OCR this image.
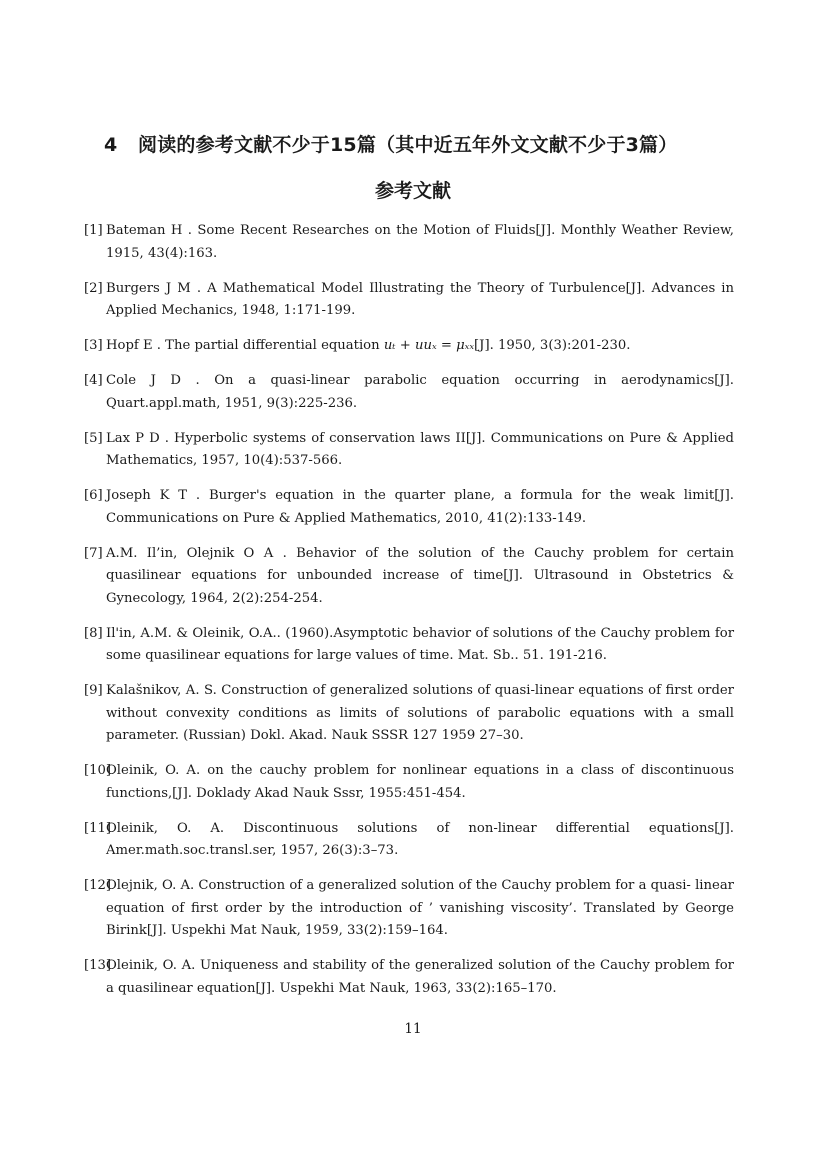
4 阅读的参考文献不少于15篇（其中近五年外文文献不少于3篇）
参考文献
[1] Bateman H . Some Recent Researches on the Motion of Fluids[J]. Monthly Weather Review, 1915, 43(4):163.
[2] Burgers J M . A Mathematical Model Illustrating the Theory of Turbulence[J]. Advances in Applied Mechanics, 1948, 1:171-199.
[3] Hopf E . The partial differential equation uₜ + uuₓ = μₓₓ[J]. 1950, 3(3):201-230.
[4] Cole J D . On a quasi-linear parabolic equation occurring in aerodynamics[J]. Quart.appl.math, 1951, 9(3):225-236.
[5] Lax P D . Hyperbolic systems of conservation laws II[J]. Communications on Pure & Applied Mathematics, 1957, 10(4):537-566.
[6] Joseph K T . Burger's equation in the quarter plane, a formula for the weak limit[J]. Communications on Pure & Applied Mathematics, 2010, 41(2):133-149.
[7] A.M. Il’in, Olejnik O A . Behavior of the solution of the Cauchy problem for certain quasilinear equations for unbounded increase of time[J]. Ultrasound in Obstetrics & Gynecology, 1964, 2(2):254-254.
[8] Il'in, A.M. & Oleinik, O.A.. (1960).Asymptotic behavior of solutions of the Cauchy problem for some quasilinear equations for large values of time. Mat. Sb.. 51. 191-216.
[9] Kalašnikov, A. S. Construction of generalized solutions of quasi-linear equations of first order without convexity conditions as limits of solutions of parabolic equations with a small parameter. (Russian) Dokl. Akad. Nauk SSSR 127 1959 27–30.
[10]
Oleinik, O. A. on the cauchy problem for nonlinear equations in a class of discontinuous functions,[J]. Doklady Akad Nauk Sssr, 1955:451-454.
[11]
Oleinik, O. A. Discontinuous solutions of non-linear differential equations[J]. Amer.math.soc.transl.ser, 1957, 26(3):3–73.
[12]
Olejnik, O. A. Construction of a generalized solution of the Cauchy problem for a quasi- linear equation of first order by the introduction of ’ vanishing viscosity’. Translated by George Birink[J]. Uspekhi Mat Nauk, 1959, 33(2):159–164.
[13]
Oleinik, O. A. Uniqueness and stability of the generalized solution of the Cauchy problem for a quasilinear equation[J]. Uspekhi Mat Nauk, 1963, 33(2):165–170.
11
